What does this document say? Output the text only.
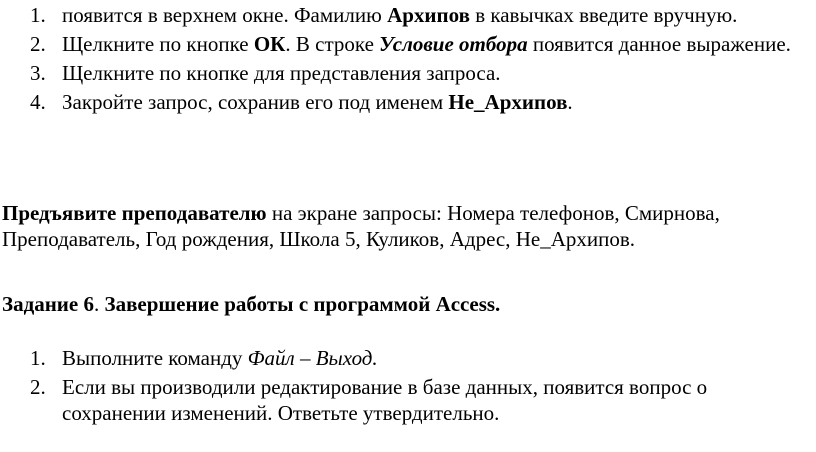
1. появится в верхнем окне. Фамилию Архипов в кавычках введите вручную.
2. Щелкните по кнопке ОК. В строке Условие отбора появится данное выражение.
3. Щелкните по кнопке для представления запроса.
4. Закройте запрос, сохранив его под именем Не_Архипов.

Предъявите преподавателю на экране запросы: Номера телефонов, Смирнова, Преподаватель, Год рождения, Школа 5, Куликов, Адрес, Не_Архипов.

Задание 6. Завершение работы с программой Access.

1. Выполните команду Файл – Выход.
2. Если вы производили редактирование в базе данных, появится вопрос о сохранении изменений. Ответьте утвердительно.
